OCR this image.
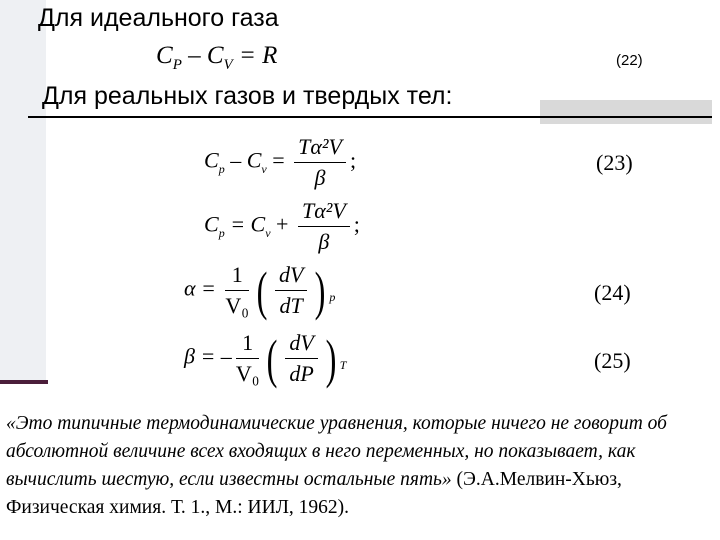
Для идеального газа
$C_P - C_V = R$	(22)
Для реальных газов и твердых тел:
$C_p - C_v = \frac{\text{Tα²V}}{\beta}$ ;	(23)
$C_p = C_v + \frac{\text{Tα²V}}{\beta}$ ;
$\alpha = \frac{1}{\text{V₀}}$ ( $\frac{dV}{dT}$ ) $_p$	(24)
β = – $\frac{1}{\text{V₀}}$ ( $\frac{dV}{dP}$ ) $_T$	(25)
«Это типичные термодинамические уравнения, которые ничего не говорит об абсолютной величине всех входящих в него переменных, но показывает, как вычислить шестую, если известны остальные пять» (Э.А.Мелвин-Хьюз, Физическая химия. Т. 1., М.: ИИЛ, 1962).
